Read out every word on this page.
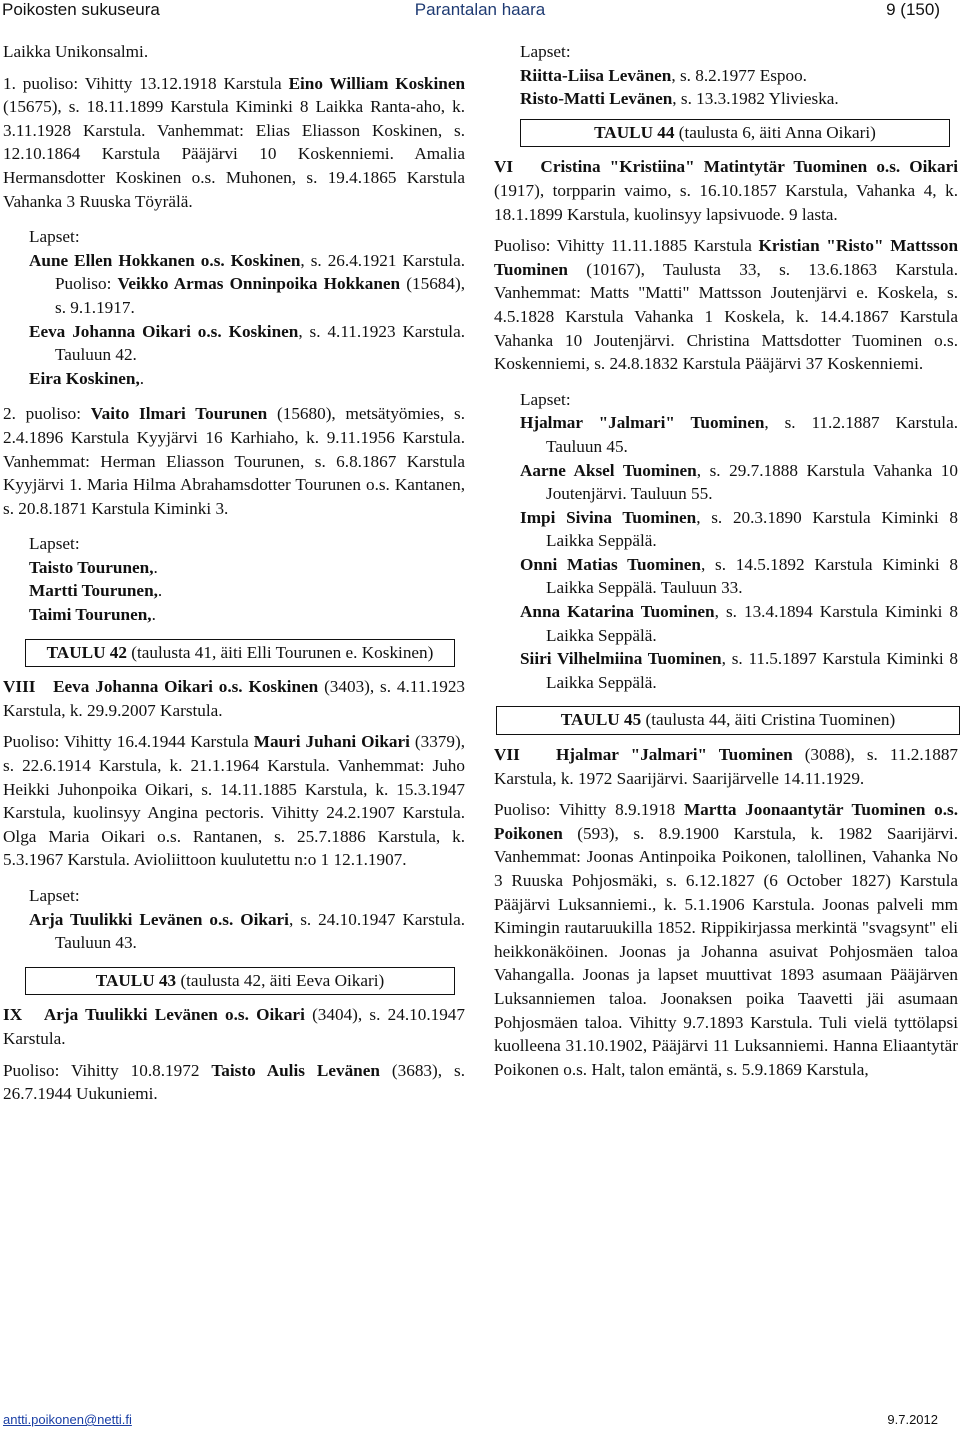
Poikosten sukuseura	Parantalan haara	9 (150)

Laikka Unikonsalmi.

1. puoliso: Vihitty 13.12.1918 Karstula Eino William Koskinen (15675), s. 18.11.1899 Karstula Kiminki 8 Laikka Ranta-aho, k. 3.11.1928 Karstula. Vanhemmat: Elias Eliasson Koskinen, s. 12.10.1864 Karstula Pääjärvi 10 Koskenniemi. Amalia Hermansdotter Koskinen o.s. Muhonen, s. 19.4.1865 Karstula Vahanka 3 Ruuska Töyrälä.

Lapset:

Aune Ellen Hokkanen o.s. Koskinen, s. 26.4.1921 Karstula. Puoliso: Veikko Armas Onninpoika Hokkanen (15684), s. 9.1.1917.

Eeva Johanna Oikari o.s. Koskinen, s. 4.11.1923 Karstula. Tauluun 42.

Eira Koskinen,.

2. puoliso: Vaito Ilmari Tourunen (15680), metsätyömies, s. 2.4.1896 Karstula Kyyjärvi 16 Karhiaho, k. 9.11.1956 Karstula. Vanhemmat: Herman Eliasson Tourunen, s. 6.8.1867 Karstula Kyyjärvi 1. Maria Hilma Abrahamsdotter Tourunen o.s. Kantanen, s. 20.8.1871 Karstula Kiminki 3.

Lapset:

Taisto Tourunen,.

Martti Tourunen,.

Taimi Tourunen,.

TAULU 42 (taulusta 41, äiti Elli Tourunen e. Koskinen)

VIII Eeva Johanna Oikari o.s. Koskinen (3403), s. 4.11.1923 Karstula, k. 29.9.2007 Karstula.

Puoliso: Vihitty 16.4.1944 Karstula Mauri Juhani Oikari (3379), s. 22.6.1914 Karstula, k. 21.1.1964 Karstula. Vanhemmat: Juho Heikki Juhonpoika Oikari, s. 14.11.1885 Karstula, k. 15.3.1947 Karstula, kuolinsyy Angina pectoris. Vihitty 24.2.1907 Karstula. Olga Maria Oikari o.s. Rantanen, s. 25.7.1886 Karstula, k. 5.3.1967 Karstula. Avioliittoon kuulutettu n:o 1 12.1.1907.

Lapset:

Arja Tuulikki Levänen o.s. Oikari, s. 24.10.1947 Karstula. Tauluun 43.

TAULU 43 (taulusta 42, äiti Eeva Oikari)

IX Arja Tuulikki Levänen o.s. Oikari (3404), s. 24.10.1947 Karstula.

Puoliso: Vihitty 10.8.1972 Taisto Aulis Levänen (3683), s. 26.7.1944 Uukuniemi.

Lapset:

Riitta-Liisa Levänen, s. 8.2.1977 Espoo.

Risto-Matti Levänen, s. 13.3.1982 Ylivieska.

TAULU 44 (taulusta 6, äiti Anna Oikari)

VI Cristina "Kristiina" Matintytär Tuominen o.s. Oikari (1917), torpparin vaimo, s. 16.10.1857 Karstula, Vahanka 4, k. 18.1.1899 Karstula, kuolinsyy lapsivuode. 9 lasta.

Puoliso: Vihitty 11.11.1885 Karstula Kristian "Risto" Mattsson Tuominen (10167), Taulusta 33, s. 13.6.1863 Karstula. Vanhemmat: Matts "Matti" Mattsson Joutenjärvi e. Koskela, s. 4.5.1828 Karstula Vahanka 1 Koskela, k. 14.4.1867 Karstula Vahanka 10 Joutenjärvi. Christina Mattsdotter Tuominen o.s. Koskenniemi, s. 24.8.1832 Karstula Pääjärvi 37 Koskenniemi.

Lapset:

Hjalmar "Jalmari" Tuominen, s. 11.2.1887 Karstula. Tauluun 45.

Aarne Aksel Tuominen, s. 29.7.1888 Karstula Vahanka 10 Joutenjärvi. Tauluun 55.

Impi Sivina Tuominen, s. 20.3.1890 Karstula Kiminki 8 Laikka Seppälä.

Onni Matias Tuominen, s. 14.5.1892 Karstula Kiminki 8 Laikka Seppälä. Tauluun 33.

Anna Katarina Tuominen, s. 13.4.1894 Karstula Kiminki 8 Laikka Seppälä.

Siiri Vilhelmiina Tuominen, s. 11.5.1897 Karstula Kiminki 8 Laikka Seppälä.

TAULU 45 (taulusta 44, äiti Cristina Tuominen)

VII Hjalmar "Jalmari" Tuominen (3088), s. 11.2.1887 Karstula, k. 1972 Saarijärvi. Saarijärvelle 14.11.1929.

Puoliso: Vihitty 8.9.1918 Martta Joonaantytär Tuominen o.s. Poikonen (593), s. 8.9.1900 Karstula, k. 1982 Saarijärvi. Vanhemmat: Joonas Antinpoika Poikonen, talollinen, Vahanka No 3 Ruuska Pohjosmäki, s. 6.12.1827 (6 October 1827) Karstula Pääjärvi Luksanniemi., k. 5.1.1906 Karstula. Joonas palveli mm Kimingin rautaruukilla 1852. Rippikirjassa merkintä "svagsynt" eli heikkonäköinen. Joonas ja Johanna asuivat Pohjosmäen taloa Vahangalla. Joonas ja lapset muuttivat 1893 asumaan Pääjärven Luksanniemen taloa. Joonaksen poika Taavetti jäi asumaan Pohjosmäen taloa. Vihitty 9.7.1893 Karstula. Tuli vielä tyttölapsi kuolleena 31.10.1902, Pääjärvi 11 Luksanniemi. Hanna Eliaantytär Poikonen o.s. Halt, talon emäntä, s. 5.9.1869 Karstula,

antti.poikonen@netti.fi	9.7.2012
